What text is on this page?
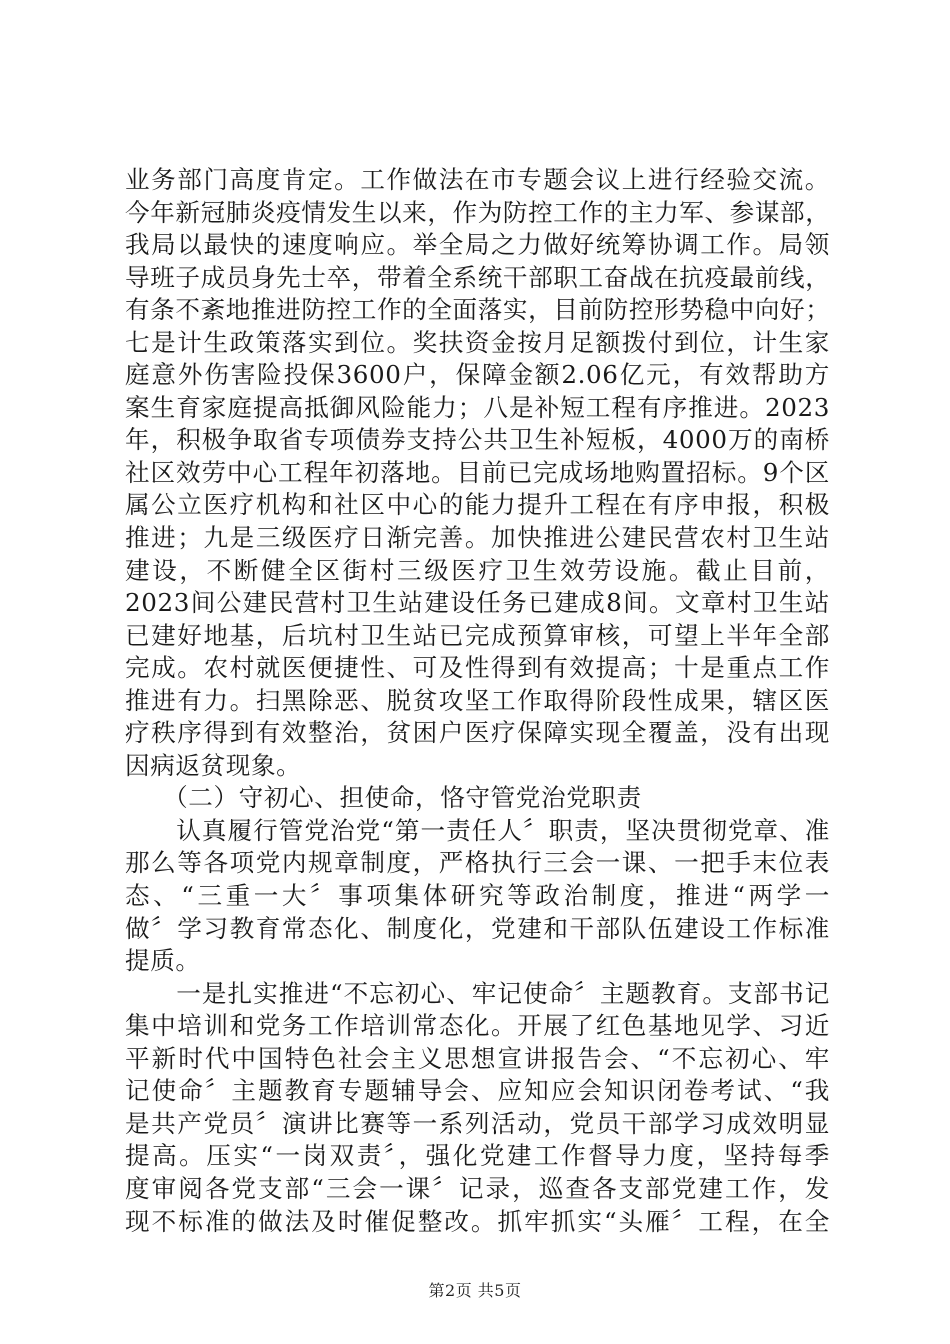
业务部门高度肯定。工作做法在市专题会议上进行经验交流。
今年新冠肺炎疫情发生以来，作为防控工作的主力军、参谋部，
我局以最快的速度响应。举全局之力做好统筹协调工作。局领
导班子成员身先士卒，带着全系统干部职工奋战在抗疫最前线，
有条不紊地推进防控工作的全面落实，目前防控形势稳中向好；
七是计生政策落实到位。奖扶资金按月足额拨付到位，计生家
庭意外伤害险投保3600户，保障金额2.06亿元，有效帮助方
案生育家庭提高抵御风险能力；八是补短工程有序推进。2023
年，积极争取省专项债券支持公共卫生补短板，4000万的南桥
社区效劳中心工程年初落地。目前已完成场地购置招标。9个区
属公立医疗机构和社区中心的能力提升工程在有序申报，积极
推进；九是三级医疗日渐完善。加快推进公建民营农村卫生站
建设，不断健全区街村三级医疗卫生效劳设施。截止目前，
2023间公建民营村卫生站建设任务已建成8间。文章村卫生站
已建好地基，后坑村卫生站已完成预算审核，可望上半年全部
完成。农村就医便捷性、可及性得到有效提高；十是重点工作
推进有力。扫黑除恶、脱贫攻坚工作取得阶段性成果，辖区医
疗秩序得到有效整治，贫困户医疗保障实现全覆盖，没有出现
因病返贫现象。
　　（二）守初心、担使命，恪守管党治党职责
　　认真履行管党治党“第一责任人〞职责，坚决贯彻党章、准
那么等各项党内规章制度，严格执行三会一课、一把手末位表
态、“三重一大〞事项集体研究等政治制度，推进“两学一
做〞学习教育常态化、制度化，党建和干部队伍建设工作标准
提质。
　　一是扎实推进“不忘初心、牢记使命〞主题教育。支部书记
集中培训和党务工作培训常态化。开展了红色基地见学、习近
平新时代中国特色社会主义思想宣讲报告会、“不忘初心、牢
记使命〞主题教育专题辅导会、应知应会知识闭卷考试、“我
是共产党员〞演讲比赛等一系列活动，党员干部学习成效明显
提高。压实“一岗双责〞，强化党建工作督导力度，坚持每季
度审阅各党支部“三会一课〞记录，巡查各支部党建工作，发
现不标准的做法及时催促整改。抓牢抓实“头雁〞工程，在全
第2页 共5页
